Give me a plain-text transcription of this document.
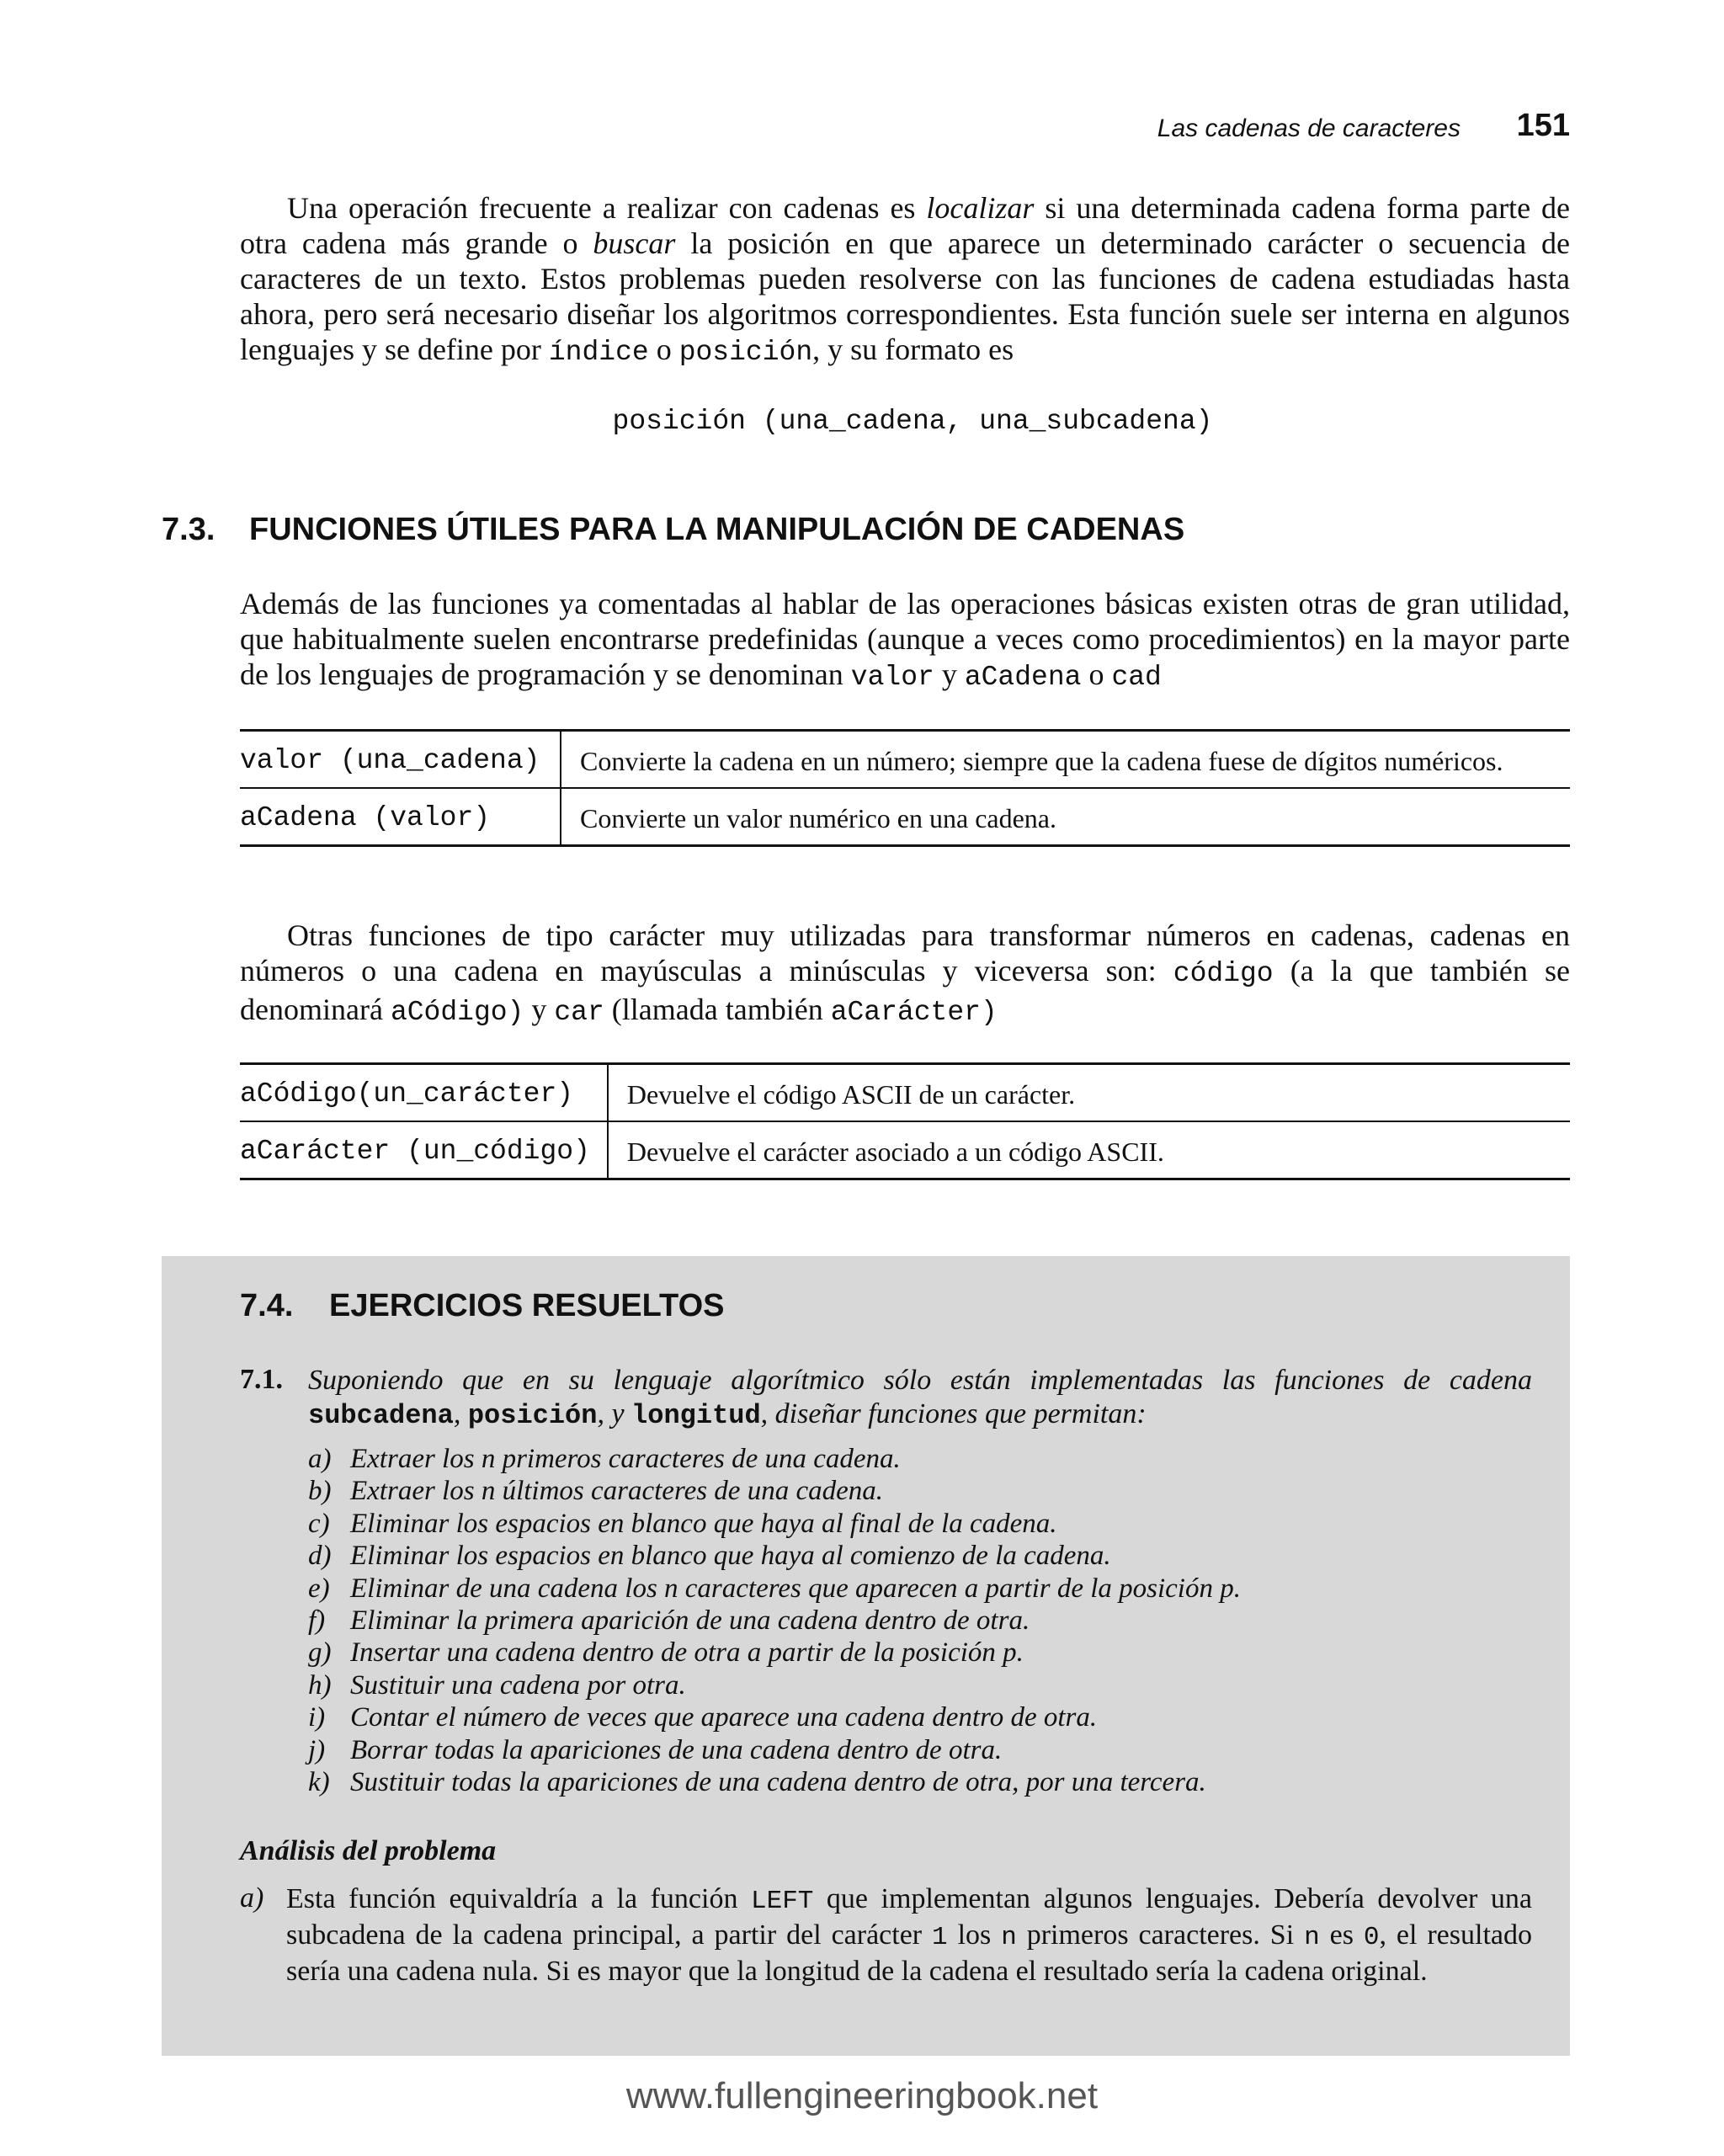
Las cadenas de caracteres 151

Una operación frecuente a realizar con cadenas es localizar si una determinada cadena forma parte de otra cadena más grande o buscar la posición en que aparece un determinado carácter o secuencia de caracteres de un texto. Estos problemas pueden resolverse con las funciones de cadena estudiadas hasta ahora, pero será necesario diseñar los algoritmos correspondientes. Esta función suele ser interna en algunos lenguajes y se define por índice o posición, y su formato es

posición (una_cadena, una_subcadena)
7.3. FUNCIONES ÚTILES PARA LA MANIPULACIÓN DE CADENAS

Además de las funciones ya comentadas al hablar de las operaciones básicas existen otras de gran utilidad, que habitualmente suelen encontrarse predefinidas (aunque a veces como procedimientos) en la mayor parte de los lenguajes de programación y se denominan valor y aCadena o cad

valor (una_cadena)	Convierte la cadena en un número; siempre que la cadena fuese de dígitos numéricos.
aCadena (valor)	Convierte un valor numérico en una cadena.

Otras funciones de tipo carácter muy utilizadas para transformar números en cadenas, cadenas en números o una cadena en mayúsculas a minúsculas y viceversa son: código (a la que también se denominará aCódigo) y car (llamada también aCarácter)

aCódigo(un_carácter)	Devuelve el código ASCII de un carácter.
aCarácter (un_código)	Devuelve el carácter asociado a un código ASCII.
7.4. EJERCICIOS RESUELTOS
7.1. Suponiendo que en su lenguaje algorítmico sólo están implementadas las funciones de cadena subcadena, posición, y longitud, diseñar funciones que permitan:

a) Extraer los n primeros caracteres de una cadena.
b) Extraer los n últimos caracteres de una cadena.
c) Eliminar los espacios en blanco que haya al final de la cadena.
d) Eliminar los espacios en blanco que haya al comienzo de la cadena.
e) Eliminar de una cadena los n caracteres que aparecen a partir de la posición p.
f) Eliminar la primera aparición de una cadena dentro de otra.
g) Insertar una cadena dentro de otra a partir de la posición p.
h) Sustituir una cadena por otra.
i) Contar el número de veces que aparece una cadena dentro de otra.
j) Borrar todas la apariciones de una cadena dentro de otra.
k) Sustituir todas la apariciones de una cadena dentro de otra, por una tercera.
Análisis del problema
a) Esta función equivaldría a la función LEFT que implementan algunos lenguajes. Debería devolver una subcadena de la cadena principal, a partir del carácter 1 los n primeros caracteres. Si n es 0, el resultado sería una cadena nula. Si es mayor que la longitud de la cadena el resultado sería la cadena original.

www.fullengineeringbook.net
